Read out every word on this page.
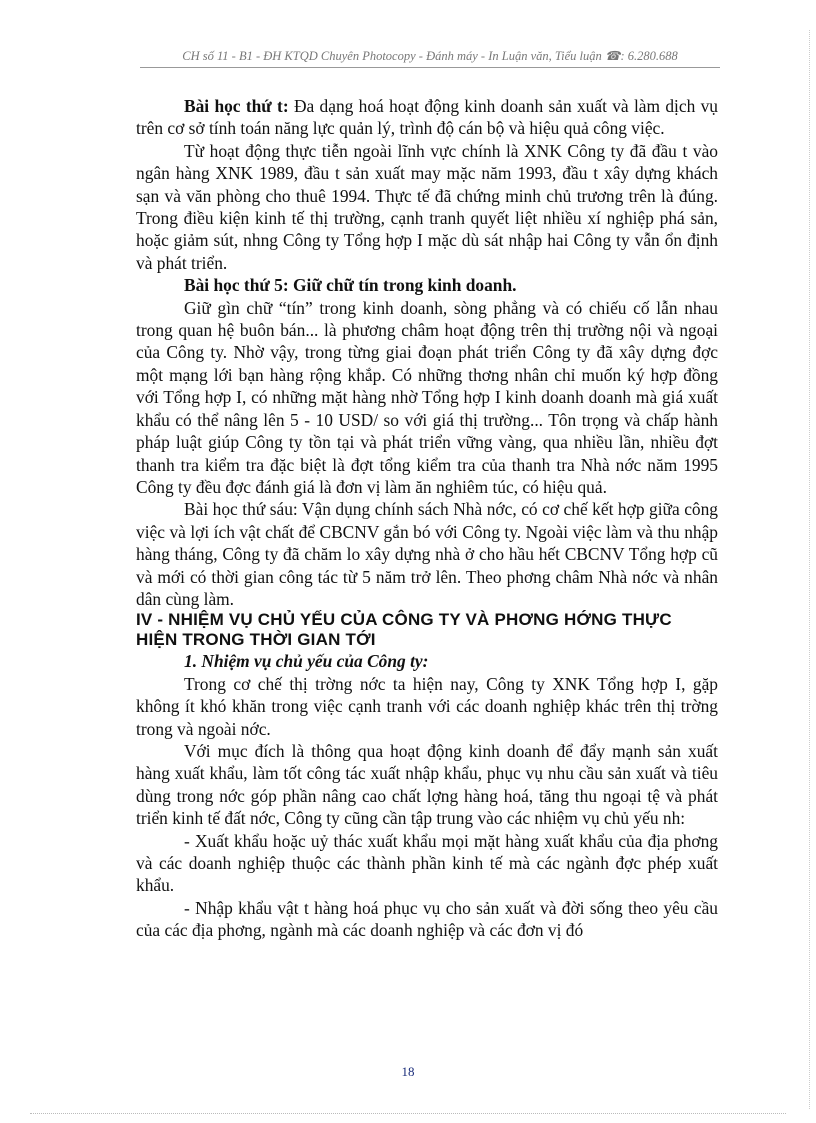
CH số 11 - B1 - ĐH KTQD Chuyên Photocopy - Đánh máy - In Luận văn, Tiểu luận ☎: 6.280.688

Bài học thứ t: Đa dạng hoá hoạt động kinh doanh sản xuất và làm dịch vụ trên cơ sở tính toán năng lực quản lý, trình độ cán bộ và hiệu quả công việc.

Từ hoạt động thực tiễn ngoài lĩnh vực chính là XNK Công ty đã đầu t vào ngân hàng XNK 1989, đầu t sản xuất may mặc năm 1993, đầu t xây dựng khách sạn và văn phòng cho thuê 1994. Thực tế đã chứng minh chủ trương trên là đúng. Trong điều kiện kinh tế thị trường, cạnh tranh quyết liệt nhiều xí nghiệp phá sản, hoặc giảm sút, nhng Công ty Tổng hợp I mặc dù sát nhập hai Công ty vẫn ổn định và phát triển.

Bài học thứ 5: Giữ chữ tín trong kinh doanh.

Giữ gìn chữ “tín” trong kinh doanh, sòng phẳng và có chiếu cố lẫn nhau trong quan hệ buôn bán... là phương châm hoạt động trên thị trường nội và ngoại của Công ty. Nhờ vậy, trong từng giai đoạn phát triển Công ty đã xây dựng đợc một mạng lới bạn hàng rộng khắp. Có những thơng nhân chỉ muốn ký hợp đồng với Tổng hợp I, có những mặt hàng nhờ Tổng hợp I kinh doanh doanh mà giá xuất khẩu có thể nâng lên 5 - 10 USD/ so với giá thị trường... Tôn trọng và chấp hành pháp luật giúp Công ty tồn tại và phát triển vững vàng, qua nhiều lần, nhiều đợt thanh tra kiểm tra đặc biệt là đợt tổng kiểm tra của thanh tra Nhà nớc năm 1995 Công ty đều đợc đánh giá là đơn vị làm ăn nghiêm túc, có hiệu quả.

Bài học thứ sáu: Vận dụng chính sách Nhà nớc, có cơ chế kết hợp giữa công việc và lợi ích vật chất để CBCNV gắn bó với Công ty. Ngoài việc làm và thu nhập hàng tháng, Công ty đã chăm lo xây dựng nhà ở cho hầu hết CBCNV Tổng hợp cũ và mới có thời gian công tác từ 5 năm trở lên. Theo phơng châm Nhà nớc và nhân dân cùng làm.

IV - NHIỆM VỤ CHỦ YẾU CỦA CÔNG TY VÀ PHƠNG HỚNG THỰC HIỆN TRONG THỜI GIAN TỚI

1. Nhiệm vụ chủ yếu của Công ty:

Trong cơ chế thị trờng nớc ta hiện nay, Công ty XNK Tổng hợp I, gặp không ít khó khăn trong việc cạnh tranh với các doanh nghiệp khác trên thị trờng trong và ngoài nớc.

Với mục đích là thông qua hoạt động kinh doanh để đẩy mạnh sản xuất hàng xuất khẩu, làm tốt công tác xuất nhập khẩu, phục vụ nhu cầu sản xuất và tiêu dùng trong nớc góp phần nâng cao chất lợng hàng hoá, tăng thu ngoại tệ và phát triển kinh tế đất nớc, Công ty cũng cần tập trung vào các nhiệm vụ chủ yếu nh:

- Xuất khẩu hoặc uỷ thác xuất khẩu mọi mặt hàng xuất khẩu của địa phơng và các doanh nghiệp thuộc các thành phần kinh tế mà các ngành đợc phép xuất khẩu.

- Nhập khẩu vật t hàng hoá phục vụ cho sản xuất và đời sống theo yêu cầu của các địa phơng, ngành mà các doanh nghiệp và các đơn vị đó

18
